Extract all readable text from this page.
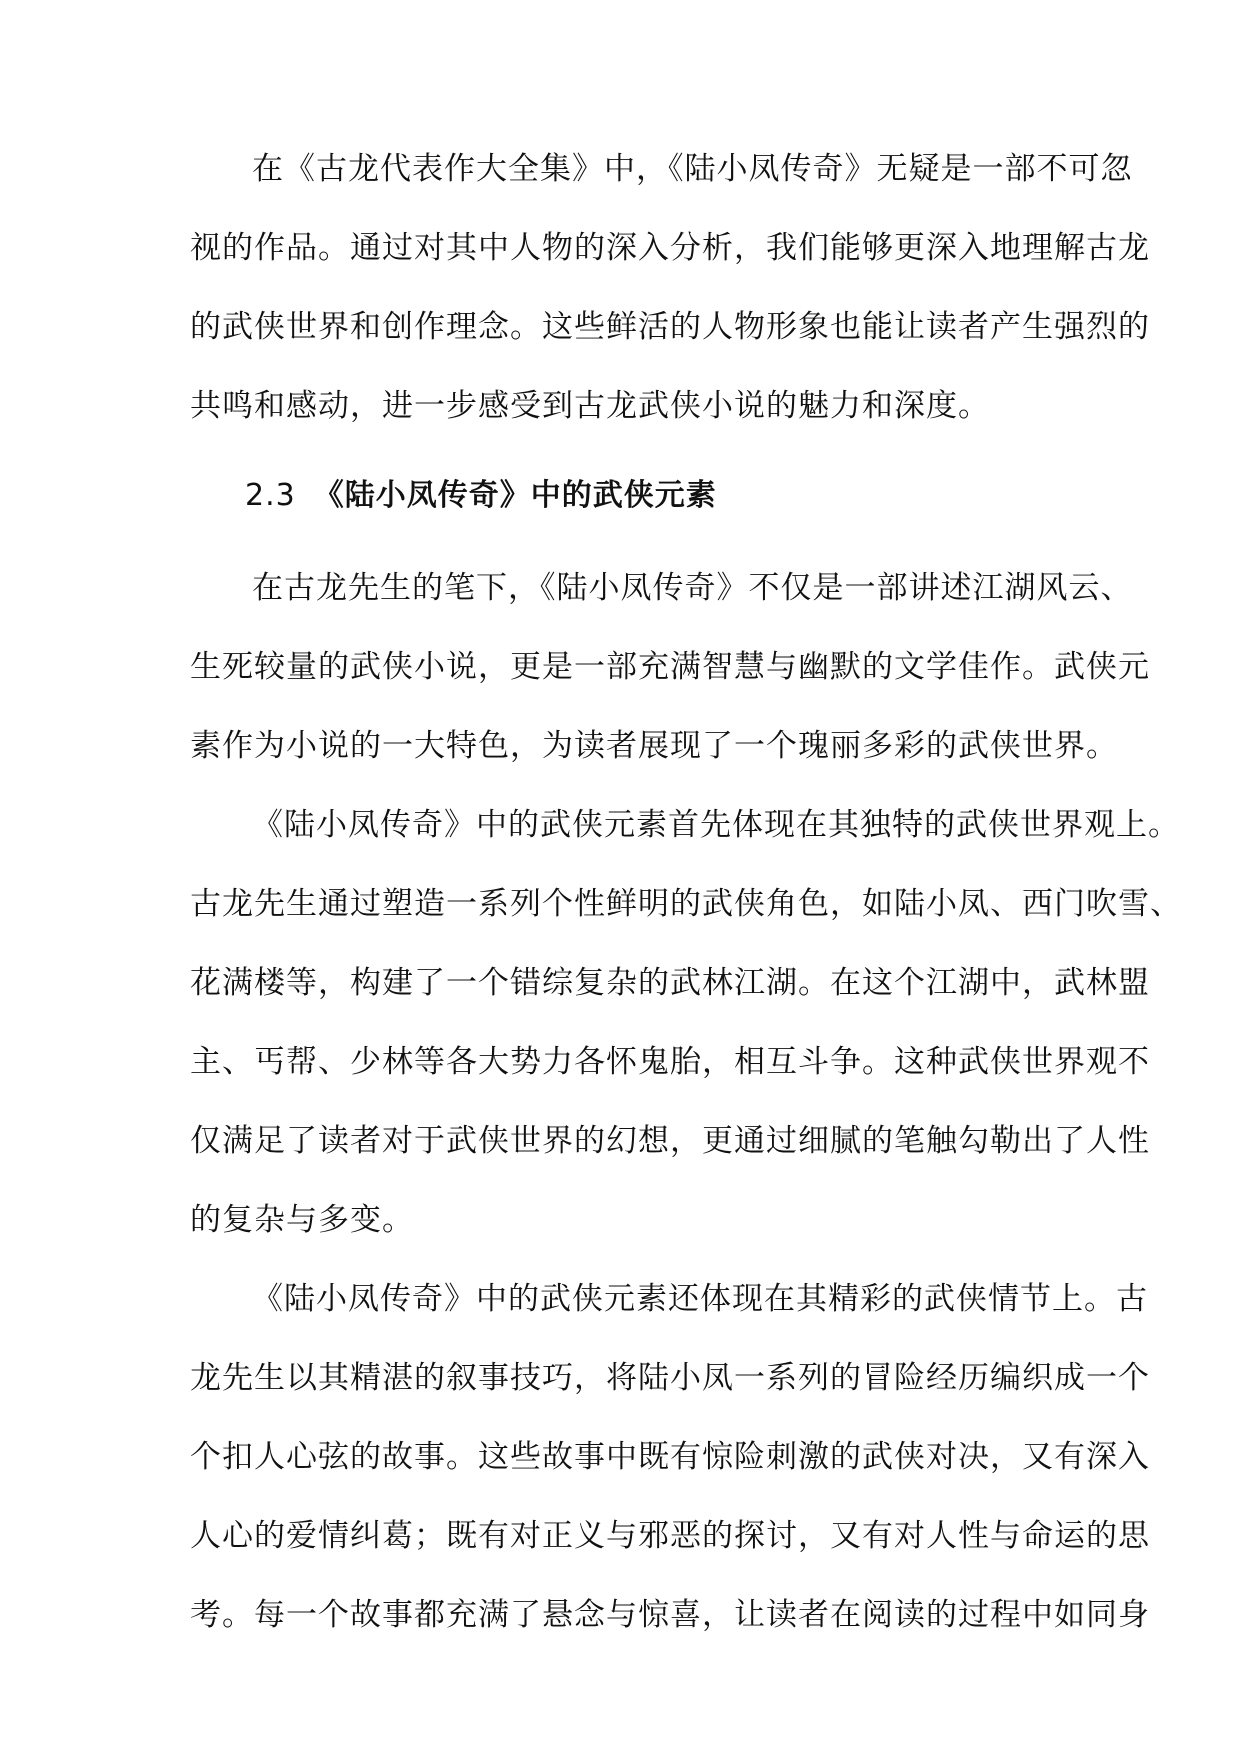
在《古龙代表作大全集》中，《陆小凤传奇》无疑是一部不可忽
视的作品。通过对其中人物的深入分析，我们能够更深入地理解古龙
的武侠世界和创作理念。这些鲜活的人物形象也能让读者产生强烈的
共鸣和感动，进一步感受到古龙武侠小说的魅力和深度。
2.3 《陆小凤传奇》中的武侠元素
在古龙先生的笔下，《陆小凤传奇》不仅是一部讲述江湖风云、
生死较量的武侠小说，更是一部充满智慧与幽默的文学佳作。武侠元
素作为小说的一大特色，为读者展现了一个瑰丽多彩的武侠世界。
《陆小凤传奇》中的武侠元素首先体现在其独特的武侠世界观上。
古龙先生通过塑造一系列个性鲜明的武侠角色，如陆小凤、西门吹雪、
花满楼等，构建了一个错综复杂的武林江湖。在这个江湖中，武林盟
主、丐帮、少林等各大势力各怀鬼胎，相互斗争。这种武侠世界观不
仅满足了读者对于武侠世界的幻想，更通过细腻的笔触勾勒出了人性
的复杂与多变。
《陆小凤传奇》中的武侠元素还体现在其精彩的武侠情节上。古
龙先生以其精湛的叙事技巧，将陆小凤一系列的冒险经历编织成一个
个扣人心弦的故事。这些故事中既有惊险刺激的武侠对决，又有深入
人心的爱情纠葛；既有对正义与邪恶的探讨，又有对人性与命运的思
考。每一个故事都充满了悬念与惊喜，让读者在阅读的过程中如同身
